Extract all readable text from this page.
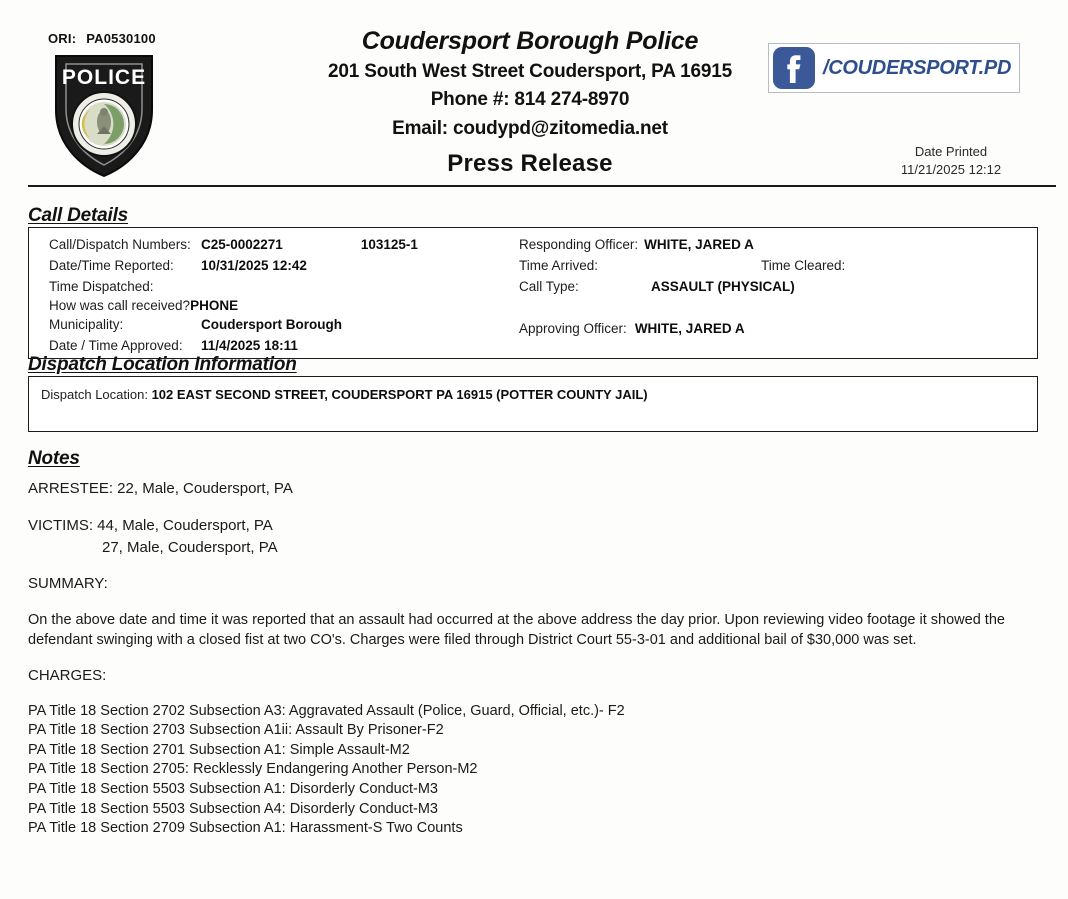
ORI: PA0530100
POLICE
Coudersport Borough Police
201 South West Street Coudersport, PA 16915
Phone #: 814 274-8970
Email: coudypd@zitomedia.net
Press Release
/COUDERSPORT.PD
Date Printed
11/21/2025 12:12
Call Details
Call/Dispatch Numbers: C25-0002271	103125-1
Date/Time Reported:	10/31/2025 12:42
Time Dispatched:
How was call received? PHONE
Municipality:	Coudersport Borough
Date / Time Approved:	11/4/2025 18:11
Responding Officer: WHITE, JARED A
Time Arrived:	Time Cleared:
Call Type:	ASSAULT (PHYSICAL)
Approving Officer: WHITE, JARED A
Dispatch Location Information
Dispatch Location: 102 EAST SECOND STREET, COUDERSPORT PA 16915 (POTTER COUNTY JAIL)
Notes
ARRESTEE: 22, Male, Coudersport, PA
VICTIMS: 44, Male, Coudersport, PA
27, Male, Coudersport, PA
SUMMARY:
On the above date and time it was reported that an assault had occurred at the above address the day prior. Upon reviewing video footage it showed the defendant swinging with a closed fist at two CO's. Charges were filed through District Court 55-3-01 and additional bail of $30,000 was set.
CHARGES:
PA Title 18 Section 2702 Subsection A3: Aggravated Assault (Police, Guard, Official, etc.)- F2
PA Title 18 Section 2703 Subsection A1ii: Assault By Prisoner-F2
PA Title 18 Section 2701 Subsection A1: Simple Assault-M2
PA Title 18 Section 2705: Recklessly Endangering Another Person-M2
PA Title 18 Section 5503 Subsection A1: Disorderly Conduct-M3
PA Title 18 Section 5503 Subsection A4: Disorderly Conduct-M3
PA Title 18 Section 2709 Subsection A1: Harassment-S Two Counts
